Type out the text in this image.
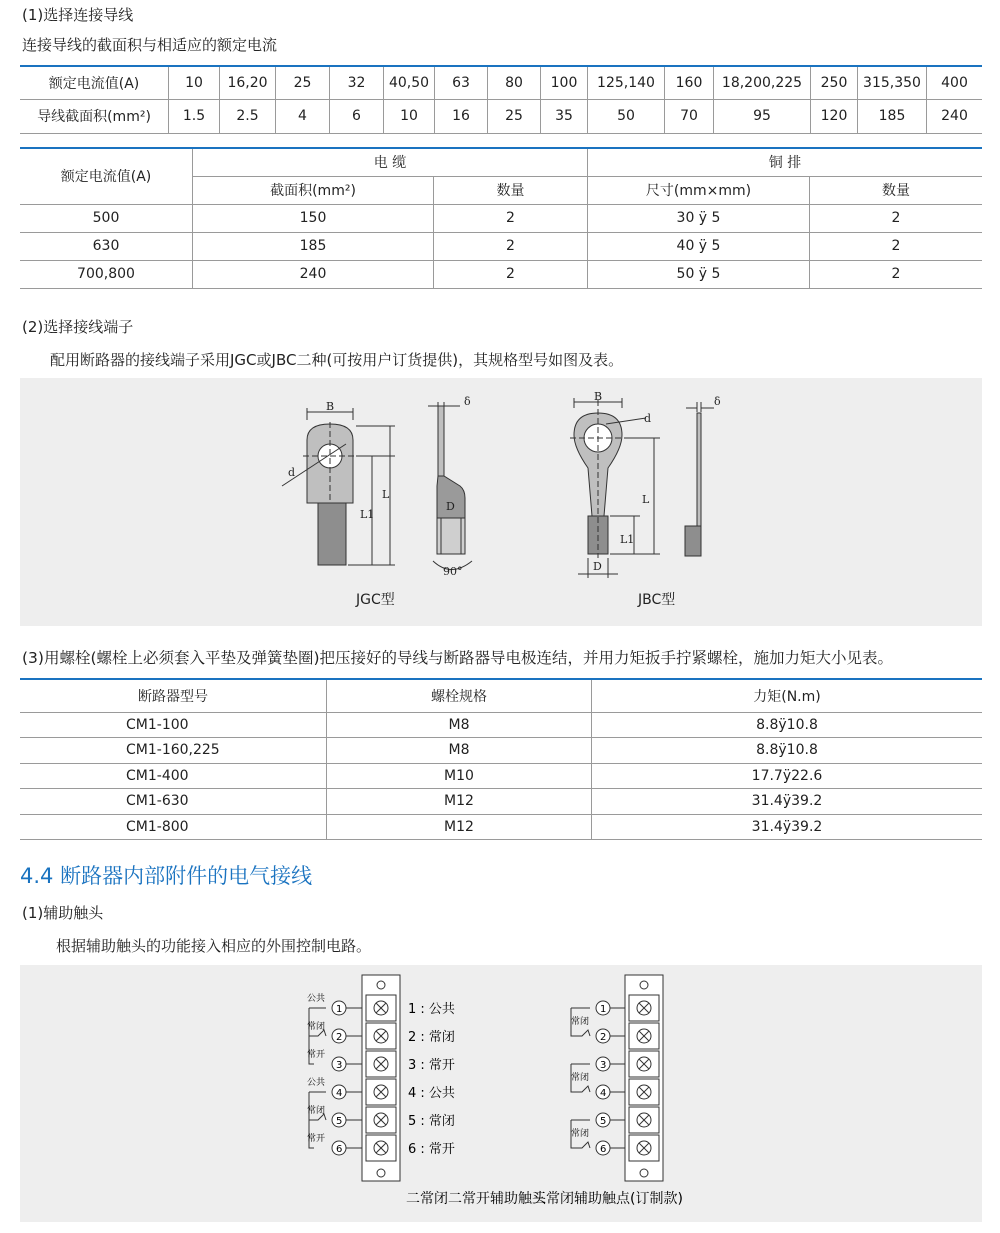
(1)选择连接导线
连接导线的截面积与相适应的额定电流
额定电流值(A)	10	16,20	25	32	40,50	63	80	100	125,140	160	18,200,225	250	315,350	400
导线截面积(mm²)	1.5	2.5	4	6	10	16	25	35	50	70	95	120	185	240
额定电流值(A)	电 缆		铜 排	
	截面积(mm²)	数量	尺寸(mm×mm)	数量
500	150	2	30 ÿ 5	2
630	185	2	40 ÿ 5	2
700,800	240	2	50 ÿ 5	2
(2)选择接线端子
配用断路器的接线端子采用JGC或JBC二种(可按用户订货提供)，其规格型号如图及表。
B
d
L
L1
D
δ
90°
B
d
L
L1
D
δ
JGC型	JBC型
(3)用螺栓(螺栓上必须套入平垫及弹簧垫圈)把压接好的导线与断路器导电极连结，并用力矩扳手拧紧螺栓，施加力矩大小见表。
断路器型号	螺栓规格	力矩(N.m)
CM1-100	M8	8.8ÿ10.8
CM1-160,225	M8	8.8ÿ10.8
CM1-400	M10	17.7ÿ22.6
CM1-630	M12	31.4ÿ39.2
CM1-800	M12	31.4ÿ39.2
4.4 断路器内部附件的电气接线
(1)辅助触头
根据辅助触头的功能接入相应的外围控制电路。
1 : 公共
2 : 常闭
3 : 常开
4 : 公共
5 : 常闭
6 : 常开
1
2
3
4
5
6
公共
常闭
常开
公共
常闭
常开
1
2
3
4
5
6
常闭
常闭
常闭
二常闭二常开辅助触头
三常闭辅助触点(订制款)
